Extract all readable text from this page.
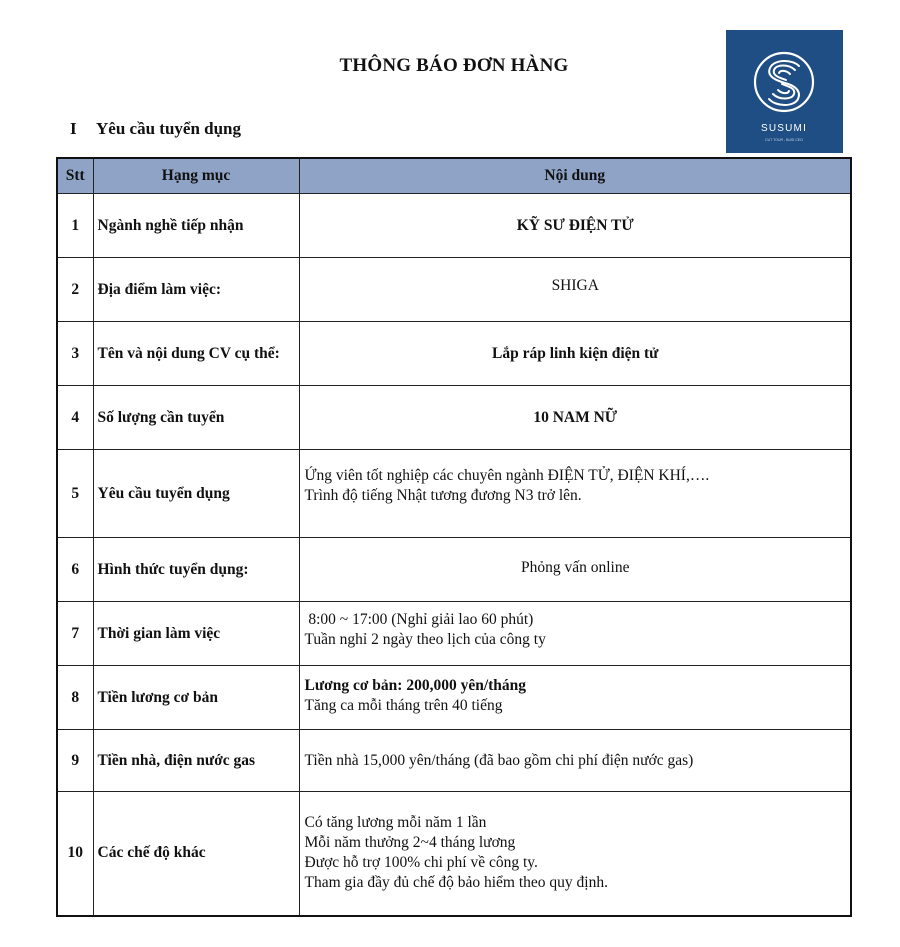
THÔNG BÁO ĐƠN HÀNG
SUSUMI
CUT TOUR - BUSI CEO
I Yêu cầu tuyển dụng
Stt	Hạng mục	Nội dung
1	Ngành nghề tiếp nhận	KỸ SƯ ĐIỆN TỬ

2	Địa điểm làm việc:	SHIGA

3	Tên và nội dung CV cụ thể:	Lắp ráp linh kiện điện tử

4	Số lượng cần tuyển	10 NAM NỮ

5	Yêu cầu tuyển dụng	Ứng viên tốt nghiệp các chuyên ngành ĐIỆN TỬ, ĐIỆN KHÍ,….
Trình độ tiếng Nhật tương đương N3 trở lên.

6	Hình thức tuyển dụng:	Phỏng vấn online

7	Thời gian làm việc	8:00 ~ 17:00 (Nghỉ giải lao 60 phút)
Tuần nghỉ 2 ngày theo lịch của công ty

8	Tiền lương cơ bản	Lương cơ bản: 200,000 yên/tháng
Tăng ca mỗi tháng trên 40 tiếng

9	Tiền nhà, điện nước gas	Tiền nhà 15,000 yên/tháng (đã bao gồm chi phí điện nước gas)

10	Các chế độ khác	Có tăng lương mỗi năm 1 lần
Mỗi năm thưởng 2~4 tháng lương
Được hỗ trợ 100% chi phí về công ty.
Tham gia đầy đủ chế độ bảo hiểm theo quy định.
